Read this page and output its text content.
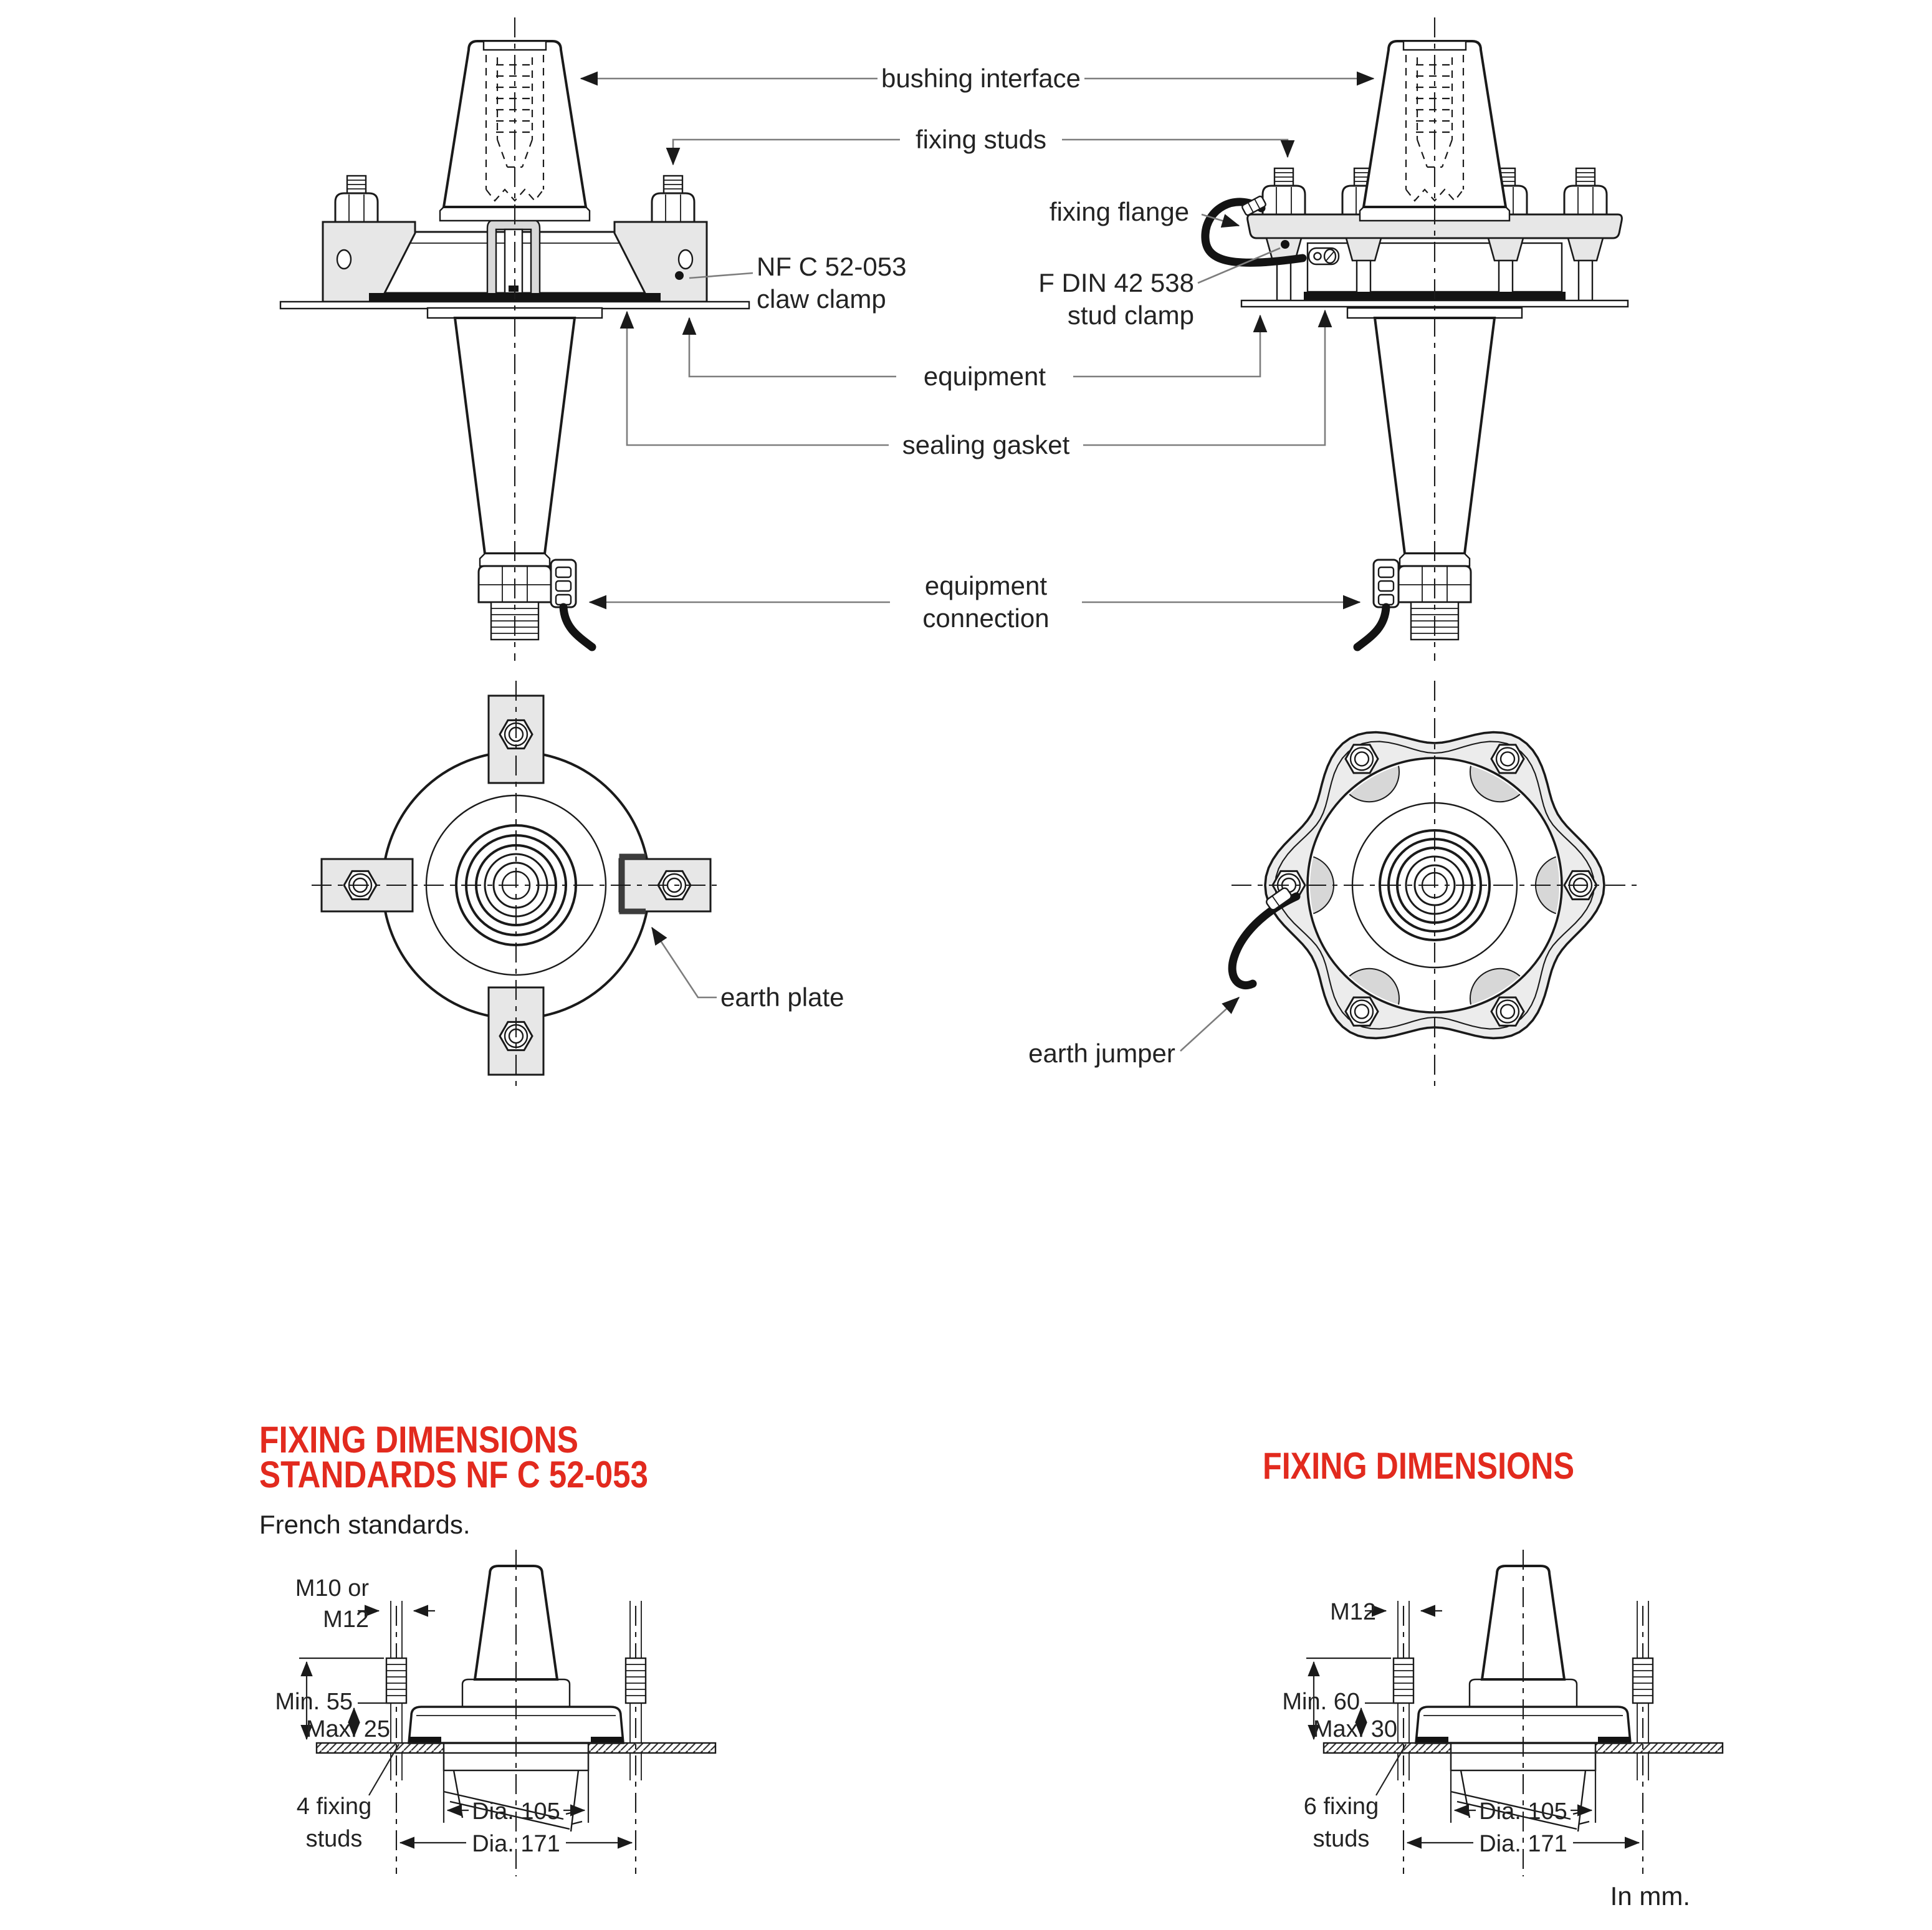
bushing interface
fixing studs
fixing flange
NF C 52-053
claw clamp
F DIN 42 538
stud clamp
equipment
sealing gasket
equipment
connection
earth plate
earth jumper
FIXING DIMENSIONS
STANDARDS NF C 52-053
French standards.
M10 or
M12
Min. 55
Max. 25
4 fixing
studs
Dia. 105
Dia. 171
FIXING DIMENSIONS
M12
Min. 60
Max. 30
6 fixing
studs
Dia. 105
Dia. 171
In mm.
